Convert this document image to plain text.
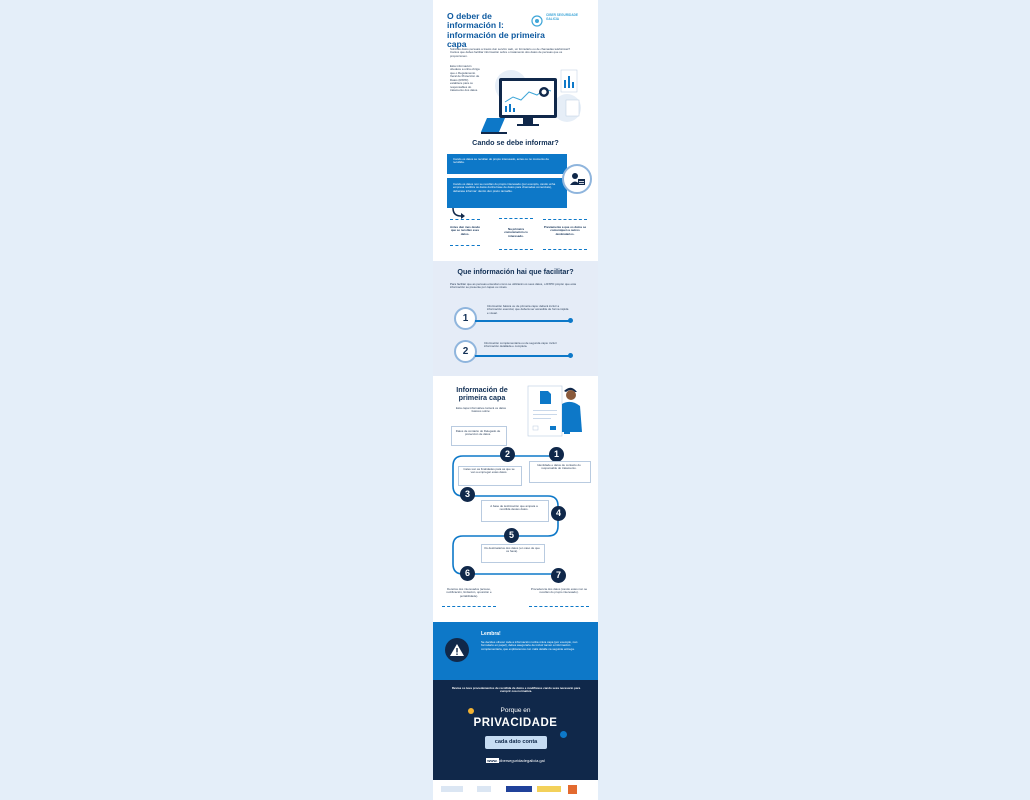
O deber de
información I:
información de primeira capa
CIBER SEGURIDADE GALICIA
Solicitas datos persoais a través dun servizo web, un formulario ou de chamadas telefónicas? Cantos que debes facilitar información sobre o tratamento dos datos de persoas que os proporcionen.
Esta información obedece a unha obriga que o Regulamento Xeral de Protección de Datos (RXPD) establece para os responsables do tratamento dos datos.
Cando se debe informar?
Cando os datos se recollan do propio interesado, antes ou no momento da recollida.
Cando os datos non se recollan do propio interesado (por exemplo, cando unha empresa reutiliza os datos dunha base de datos para chamadas comerciais), deberase informar: dentro dun prazo razoable.
Antes dun mes desde que se recollan eses datos.
Na primeira comunicación co interesado.
Previamente a que os datos se comuniquen a outros destinatarios.
Que información hai que facilitar?
Para facilitar que as persoas entendan como se utilizarán os seus datos, o RXPD propón que esta información se presente por capas ou niveis.
1
Información básica ou de primeira capa: deberá incluír a información esencial, que deberá ser accesible de forma rápida e visual.
2
Información complementaria ou de segunda capa: incluír información detallada e completa.
Información de
primeira capa
Esta capa informativa conterá os datos básicos sobre:
Datos de contacto do Delegado de protección de datos.
1
2
3
4
5
6	7
Identidade e datos de contacto do responsable do tratamento.
Cales son as finalidades para as que se van a empregar estes datos.
A base de lexitimación que ampara a recollida destes datos.
Os destinatarios dos datos (en caso de que os haxa).
Dereitos dos interesados (acceso, rectificación, limitación, oposición e portabilidade).
Procedencia dos datos (cando estes non se recollan do propio interesado).
Lembra!
Se decides ofrecer toda a información nunha única capa (por exemplo, nun formulario en papel), debes asegurarte de incluír tamén a información complementaria, que explicaremos con máis detalle na seguinte entrega.
Revisa os teus procedementos de recollida de datos e modifícaos cando sexa necesario para cumprir coa normativa.
Porque en
PRIVACIDADE
cada dato conta
www.ciberseguridadegalicia.gal
